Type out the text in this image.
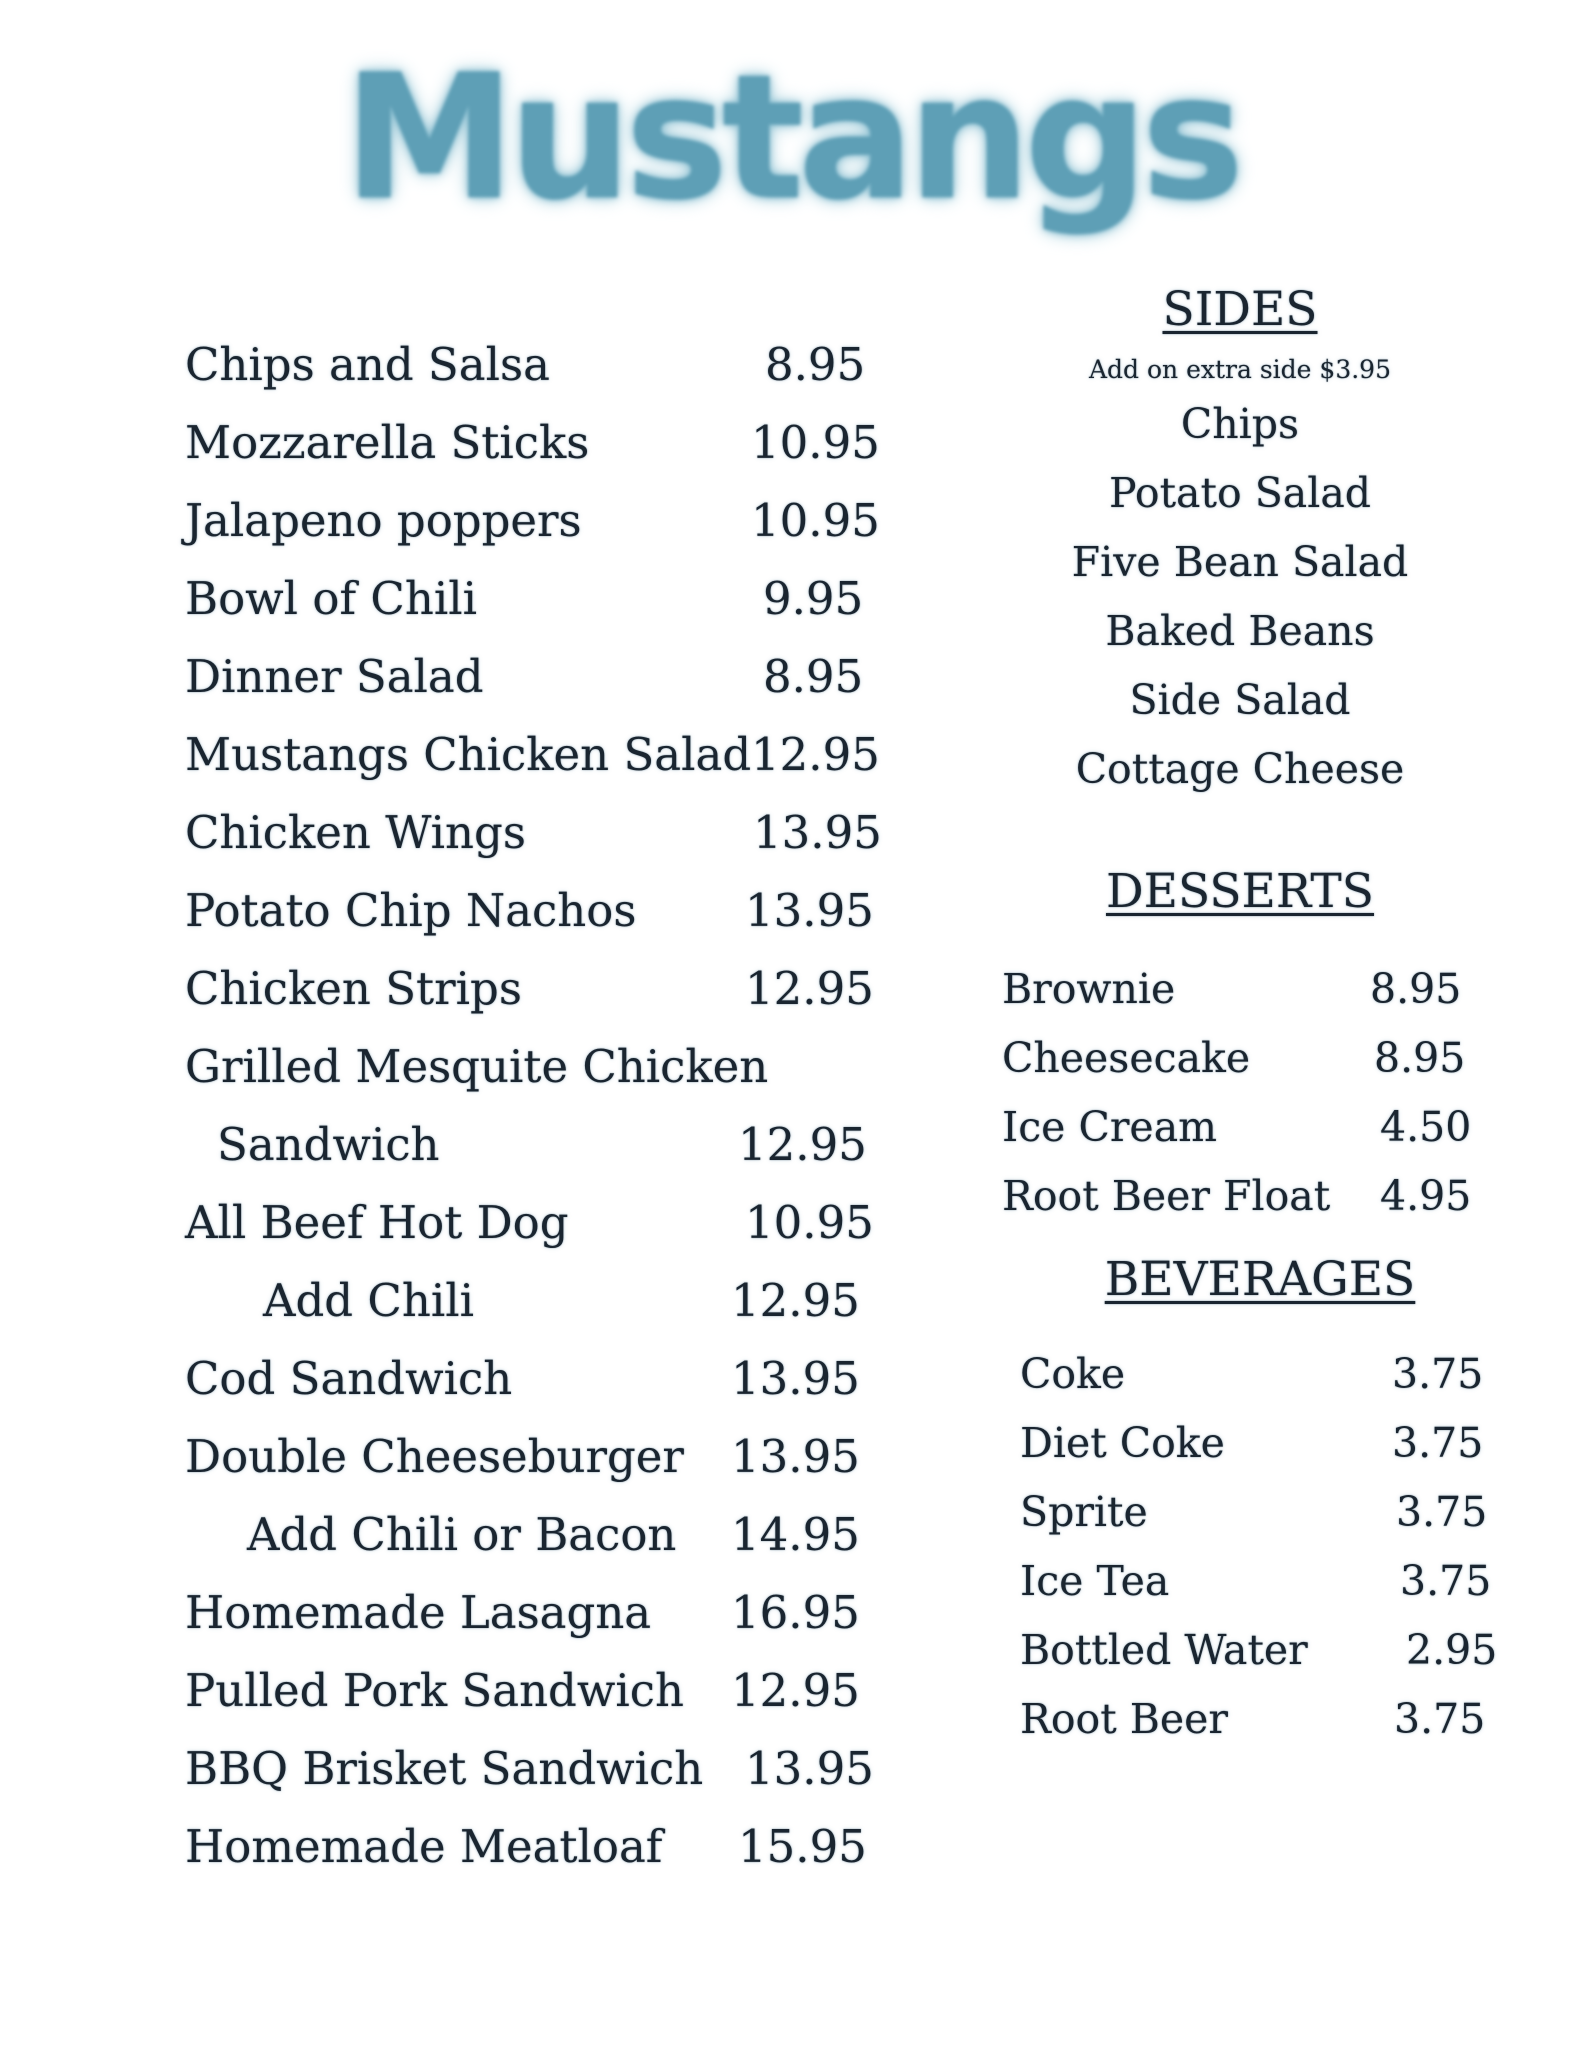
Mustangs
Chips and Salsa	8.95
Mozzarella Sticks	10.95
Jalapeno poppers	10.95
Bowl of Chili	9.95
Dinner Salad	8.95
Mustangs Chicken Salad 12.95
Chicken Wings	13.95
Potato Chip Nachos 13.95
Chicken Strips	12.95
Grilled Mesquite Chicken
Sandwich	12.95
All Beef Hot Dog	10.95
Add Chili	12.95
Cod Sandwich	13.95
Double Cheeseburger 13.95
Add Chili or Bacon 14.95
Homemade Lasagna 16.95
Pulled Pork Sandwich 12.95
BBQ Brisket Sandwich 13.95
Homemade Meatloaf 15.95
SIDES
Add on extra side $3.95
Chips
Potato Salad
Five Bean Salad
Baked Beans
Side Salad
Cottage Cheese
DESSERTS
Brownie	8.95
Cheesecake	8.95
Ice Cream	4.50
Root Beer Float 4.95
BEVERAGES
Coke	3.75
Diet Coke	3.75
Sprite	3.75
Ice Tea	3.75
Bottled Water 2.95
Root Beer	3.75
